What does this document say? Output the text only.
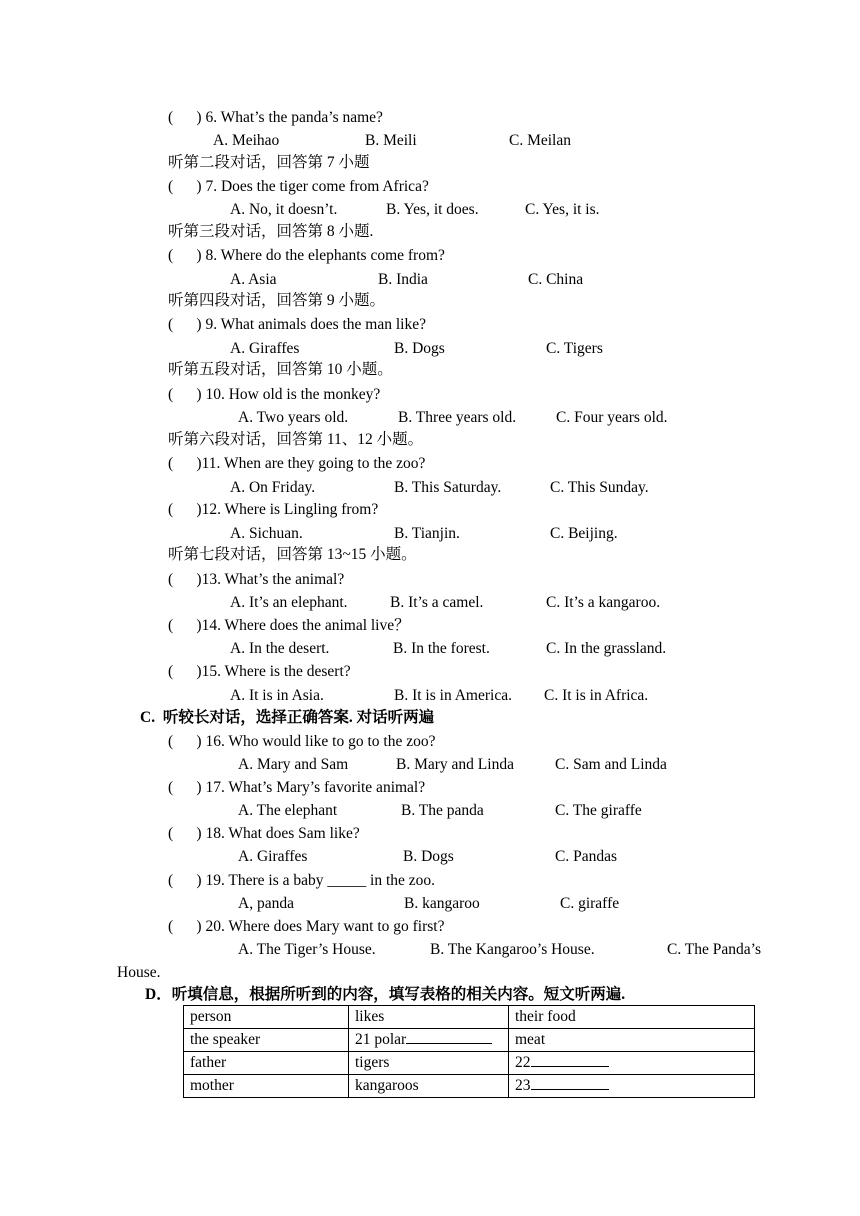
(      ) 6. What’s the panda’s name?
A. Meihao	B. Meili	C. Meilan
听第二段对话，回答第 7 小题
(      ) 7. Does the tiger come from Africa?
A. No, it doesn’t.	B. Yes, it does.	C. Yes, it is.
听第三段对话，回答第 8 小题.
(      ) 8. Where do the elephants come from?
A. Asia	B. India	C. China
听第四段对话，回答第 9 小题。
(      ) 9. What animals does the man like?
A. Giraffes	B. Dogs	C. Tigers
听第五段对话，回答第 10 小题。
(      ) 10. How old is the monkey?
A. Two years old.	B. Three years old.	C. Four years old.
听第六段对话，回答第 11、12 小题。
(      )11. When are they going to the zoo?
A. On Friday.	B. This Saturday.	C. This Sunday.
(      )12. Where is Lingling from?
A. Sichuan.	B. Tianjin.	C. Beijing.
听第七段对话，回答第 13~15 小题。
(      )13. What’s the animal?
A. It’s an elephant.	B. It’s a camel.	C. It’s a kangaroo.
(      )14. Where does the animal live？
A. In the desert.	B. In the forest.	C. In the grassland.
(      )15. Where is the desert?
A. It is in Asia.	B. It is in America. C. It is in Africa.
C.  听较长对话，选择正确答案. 对话听两遍
(      ) 16. Who would like to go to the zoo?
A. Mary and Sam	B. Mary and Linda	C. Sam and Linda
(      ) 17. What’s Mary’s favorite animal?
A. The elephant	B. The panda	C. The giraffe
(      ) 18. What does Sam like?
A. Giraffes	B. Dogs	C. Pandas
(      ) 19. There is a baby _____ in the zoo.
A, panda	B. kangaroo	C. giraffe
(      ) 20. Where does Mary want to go first?
A. The Tiger’s House.	B. The Kangaroo’s House.	C. The Panda’s
House.
D．听填信息，根据所听到的内容，填写表格的相关内容。短文听两遍.
person	likes	their food
the speaker	21 polar	meat
father	tigers	22
mother	kangaroos	23
